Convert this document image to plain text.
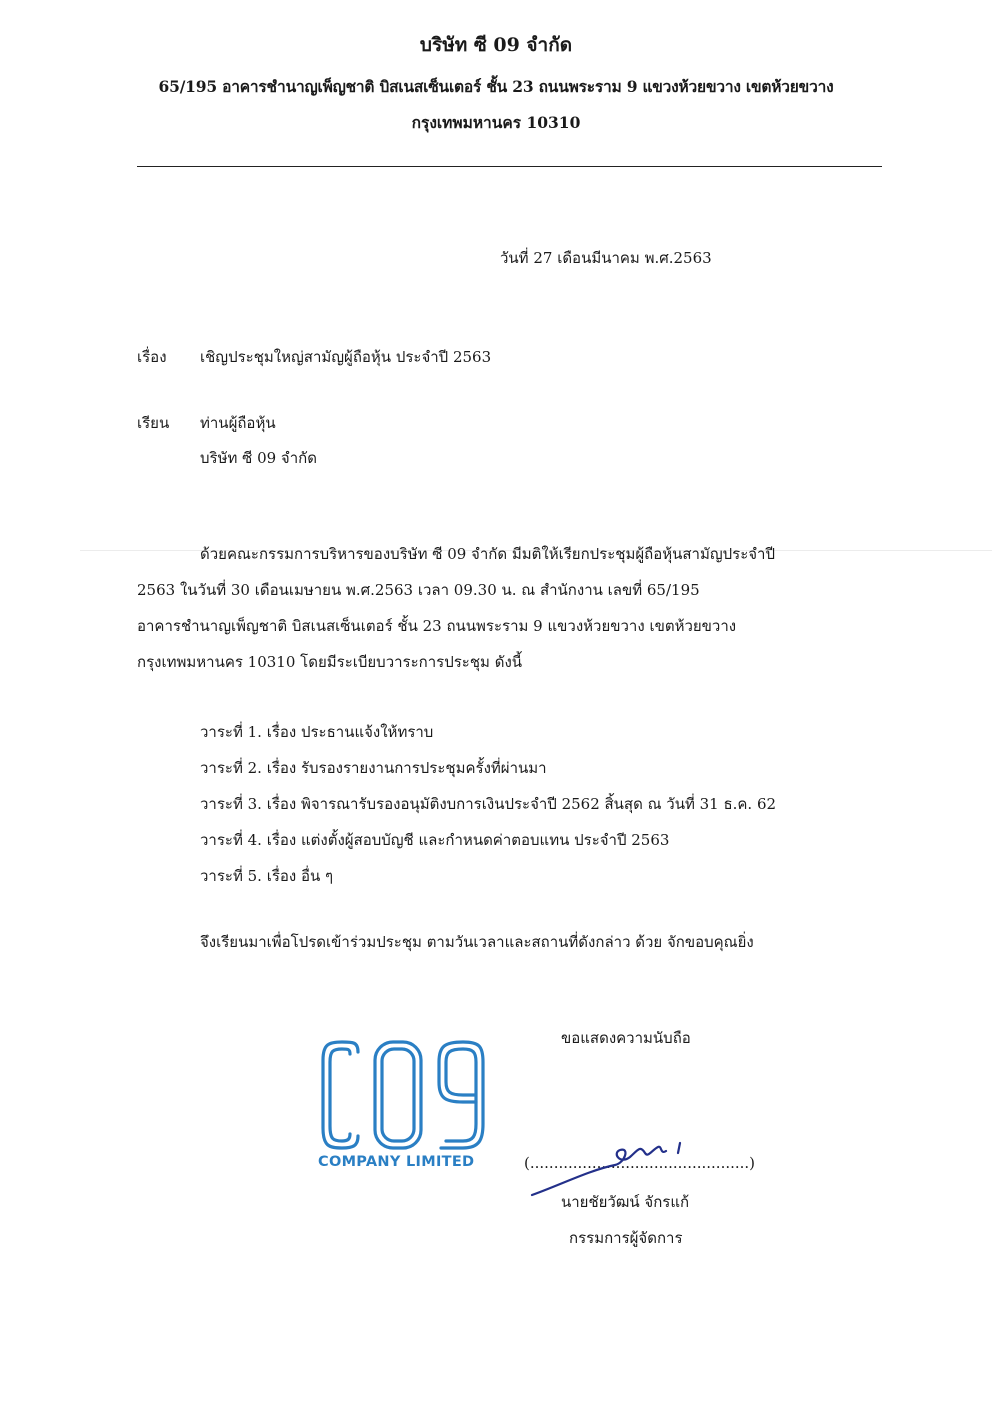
บริษัท ซี 09 จำกัด
65/195 อาคารชำนาญเพ็ญชาติ บิสเนสเซ็นเตอร์ ชั้น 23 ถนนพระราม 9 แขวงห้วยขวาง เขตห้วยขวาง
กรุงเทพมหานคร 10310
วันที่ 27 เดือนมีนาคม พ.ศ.2563
เรื่อง เชิญประชุมใหญ่สามัญผู้ถือหุ้น ประจำปี 2563
เรียน ท่านผู้ถือหุ้น
บริษัท ซี 09 จำกัด
ด้วยคณะกรรมการบริหารของบริษัท ซี 09 จำกัด มีมติให้เรียกประชุมผู้ถือหุ้นสามัญประจำปี
2563 ในวันที่ 30 เดือนเมษายน พ.ศ.2563 เวลา 09.30 น. ณ สำนักงาน เลขที่ 65/195
อาคารชำนาญเพ็ญชาติ บิสเนสเซ็นเตอร์ ชั้น 23 ถนนพระราม 9 แขวงห้วยขวาง เขตห้วยขวาง
กรุงเทพมหานคร 10310 โดยมีระเบียบวาระการประชุม ดังนี้
วาระที่ 1. เรื่อง ประธานแจ้งให้ทราบ
วาระที่ 2. เรื่อง รับรองรายงานการประชุมครั้งที่ผ่านมา
วาระที่ 3. เรื่อง พิจารณารับรองอนุมัติงบการเงินประจำปี 2562 สิ้นสุด ณ วันที่ 31 ธ.ค. 62
วาระที่ 4. เรื่อง แต่งตั้งผู้สอบบัญชี และกำหนดค่าตอบแทน ประจำปี 2563
วาระที่ 5. เรื่อง อื่น ๆ
จึงเรียนมาเพื่อโปรดเข้าร่วมประชุม ตามวันเวลาและสถานที่ดังกล่าว ด้วย จักขอบคุณยิ่ง
ขอแสดงความนับถือ
COMPANY LIMITED	(..............................................)
นายชัยวัฒน์ จักรแก้
กรรมการผู้จัดการ
